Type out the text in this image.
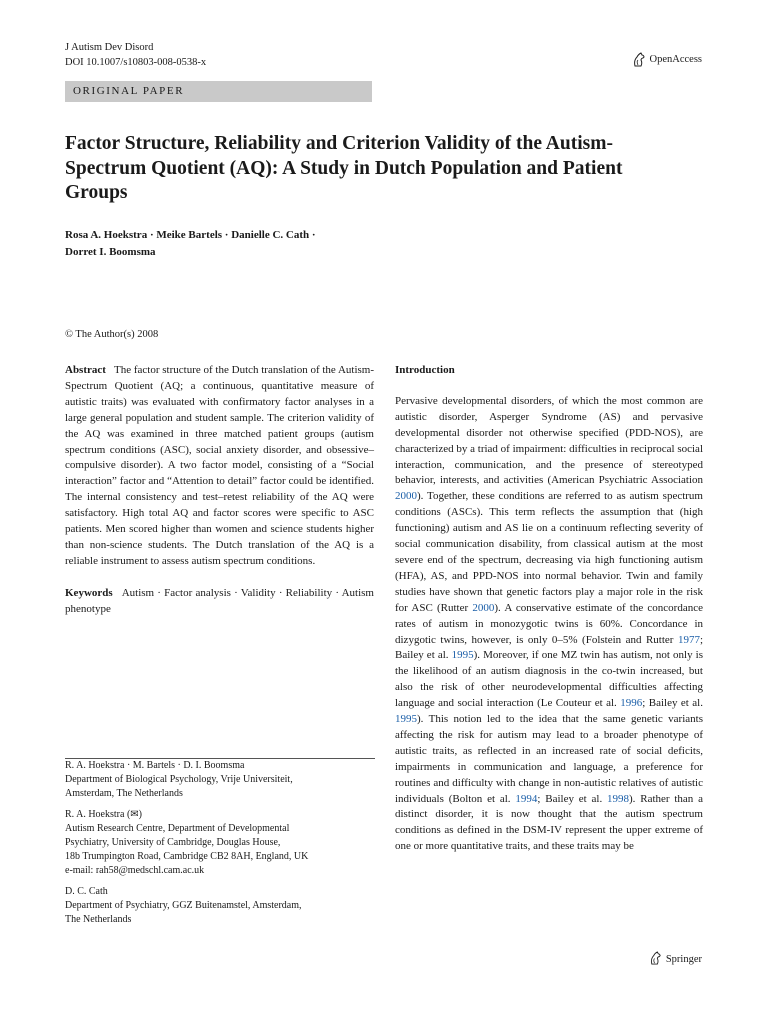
J Autism Dev Disord
DOI 10.1007/s10803-008-0538-x	OpenAccess
ORIGINAL PAPER
Factor Structure, Reliability and Criterion Validity of the Autism-Spectrum Quotient (AQ): A Study in Dutch Population and Patient Groups
Rosa A. Hoekstra · Meike Bartels · Danielle C. Cath ·
Dorret I. Boomsma
© The Author(s) 2008

Abstract The factor structure of the Dutch translation of the Autism-Spectrum Quotient (AQ; a continuous, quantitative measure of autistic traits) was evaluated with confirmatory factor analyses in a large general population and student sample. The criterion validity of the AQ was examined in three matched patient groups (autism spectrum conditions (ASC), social anxiety disorder, and obsessive–compulsive disorder). A two factor model, consisting of a “Social interaction” factor and “Attention to detail” factor could be identified. The internal consistency and test–retest reliability of the AQ were satisfactory. High total AQ and factor scores were specific to ASC patients. Men scored higher than women and science students higher than non-science students. The Dutch translation of the AQ is a reliable instrument to assess autism spectrum conditions.

Keywords Autism · Factor analysis · Validity · Reliability · Autism phenotype

R. A. Hoekstra · M. Bartels · D. I. Boomsma
Department of Biological Psychology, Vrije Universiteit,
Amsterdam, The Netherlands
R. A. Hoekstra (✉)
Autism Research Centre, Department of Developmental
Psychiatry, University of Cambridge, Douglas House,
18b Trumpington Road, Cambridge CB2 8AH, England, UK
e-mail: rah58@medschl.cam.ac.uk
D. C. Cath
Department of Psychiatry, GGZ Buitenamstel, Amsterdam,
The Netherlands

Introduction

Pervasive developmental disorders, of which the most common are autistic disorder, Asperger Syndrome (AS) and pervasive developmental disorder not otherwise specified (PDD-NOS), are characterized by a triad of impairment: difficulties in reciprocal social interaction, communication, and the presence of stereotyped behavior, interests, and activities (American Psychiatric Association 2000). Together, these conditions are referred to as autism spectrum conditions (ASCs). This term reflects the assumption that (high functioning) autism and AS lie on a continuum reflecting severity of social communication disability, from classical autism at the most severe end of the spectrum, decreasing via high functioning autism (HFA), AS, and PPD-NOS into normal behavior. Twin and family studies have shown that genetic factors play a major role in the risk for ASC (Rutter 2000). A conservative estimate of the concordance rates of autism in monozygotic twins is 60%. Concordance in dizygotic twins, however, is only 0–5% (Folstein and Rutter 1977; Bailey et al. 1995). Moreover, if one MZ twin has autism, not only is the likelihood of an autism diagnosis in the co-twin increased, but also the risk of other neurodevelopmental difficulties affecting language and social interaction (Le Couteur et al. 1996; Bailey et al. 1995). This notion led to the idea that the same genetic variants affecting the risk for autism may lead to a broader phenotype of autistic traits, as reflected in an increased rate of social deficits, impairments in communication and language, a preference for routines and difficulty with change in non-autistic relatives of autistic individuals (Bolton et al. 1994; Bailey et al. 1998). Rather than a distinct disorder, it is now thought that the autism spectrum conditions as defined in the DSM-IV represent the upper extreme of one or more quantitative traits, and these traits may be

Springer
